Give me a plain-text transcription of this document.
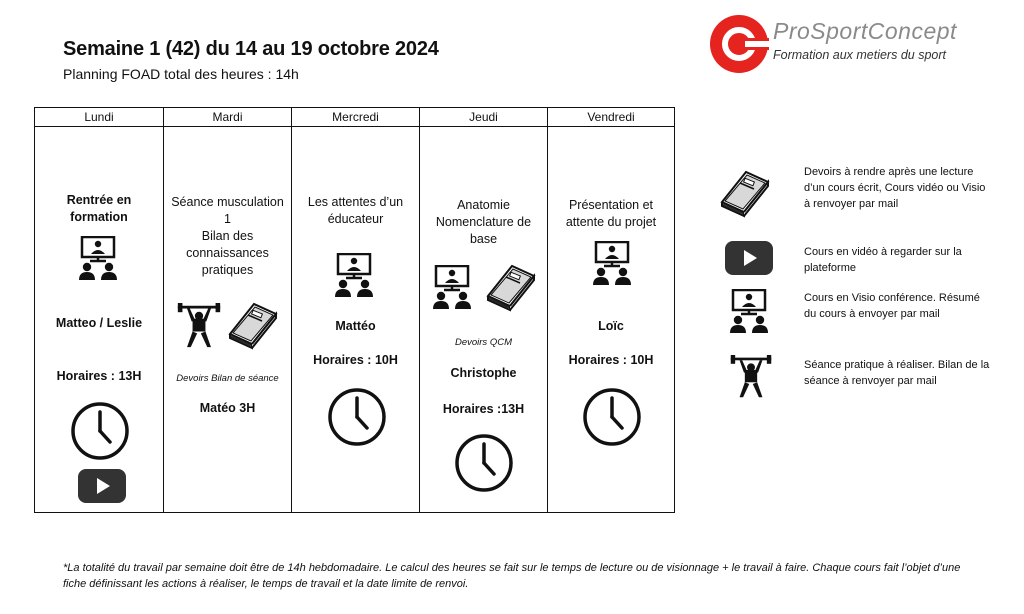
Semaine 1 (42) du 14 au 19 octobre 2024
Planning FOAD total des heures : 14h
ProSportConcept
Formation aux metiers du sport
Lundi
Rentrée en
formation
Matteo / Leslie
Horaires : 13H
Mardi
Séance musculation
1
Bilan des
connaissances
pratiques
Devoirs Bilan de séance
Matéo 3H
Mercredi
Les attentes d’un
éducateur
Mattéo
Horaires : 10H
Jeudi
Anatomie
Nomenclature de
base
Devoirs QCM
Christophe
Horaires :13H
Vendredi
Présentation et
attente du projet
Loïc
Horaires : 10H
Devoirs à rendre après une lecture d’un cours écrit, Cours vidéo ou Visio à renvoyer par mail
Cours en vidéo à regarder sur la plateforme
Cours en Visio conférence. Résumé du cours à envoyer par mail
Séance pratique à réaliser. Bilan de la séance à renvoyer par mail
*La totalité du travail par semaine doit être de 14h hebdomadaire. Le calcul des heures se fait sur le temps de lecture ou de visionnage + le travail à faire. Chaque cours fait l’objet d’une fiche définissant les actions à réaliser, le temps de travail et la date limite de renvoi.
